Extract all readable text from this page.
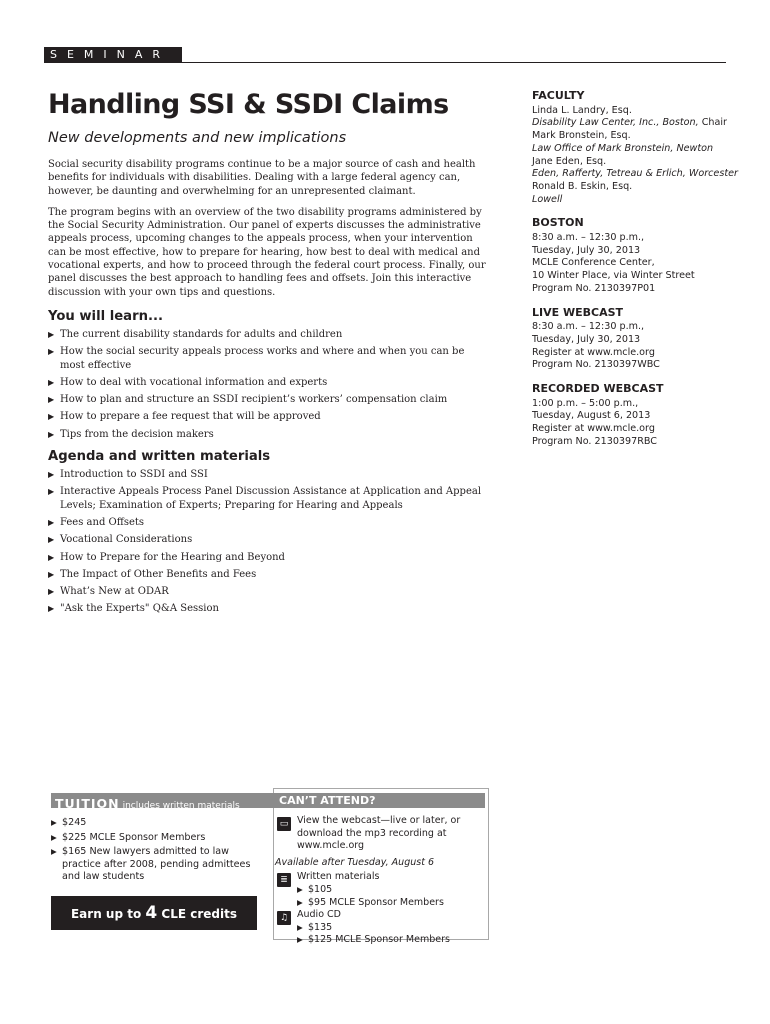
SEMINAR
Handling SSI & SSDI Claims

New developments and new implications

Social security disability programs continue to be a major source of cash and health benefits for individuals with disabilities. Dealing with a large federal agency can, however, be daunting and overwhelming for an unrepresented claimant.

The program begins with an overview of the two disability programs administered by the Social Security Administration. Our panel of experts discusses the administrative appeals process, upcoming changes to the appeals process, when your intervention can be most effective, how to prepare for hearing, how best to deal with medical and vocational experts, and how to proceed through the federal court process. Finally, our panel discusses the best approach to handling fees and offsets. Join this interactive discussion with your own tips and questions.

You will learn...
▶ The current disability standards for adults and children
▶ How the social security appeals process works and where and when you can be most effective
▶ How to deal with vocational information and experts
▶ How to plan and structure an SSDI recipient’s workers’ compensation claim
▶ How to prepare a fee request that will be approved
▶ Tips from the decision makers
Agenda and written materials
▶ Introduction to SSDI and SSI
▶ Interactive Appeals Process Panel Discussion Assistance at Application and Appeal Levels; Examination of Experts; Preparing for Hearing and Appeals
▶ Fees and Offsets
▶ Vocational Considerations
▶ How to Prepare for the Hearing and Beyond
▶ The Impact of Other Benefits and Fees
▶ What’s New at ODAR
▶ "Ask the Experts" Q&A Session
FACULTY
Linda L. Landry, Esq.
Disability Law Center, Inc., Boston, Chair
Mark Bronstein, Esq.
Law Office of Mark Bronstein, Newton
Jane Eden, Esq.
Eden, Rafferty, Tetreau & Erlich, Worcester
Ronald B. Eskin, Esq.
Lowell
BOSTON
8:30 a.m. – 12:30 p.m.,
Tuesday, July 30, 2013
MCLE Conference Center,
10 Winter Place, via Winter Street
Program No. 2130397P01
LIVE WEBCAST
8:30 a.m. – 12:30 p.m.,
Tuesday, July 30, 2013
Register at www.mcle.org
Program No. 2130397WBC
RECORDED WEBCAST
1:00 p.m. – 5:00 p.m.,
Tuesday, August 6, 2013
Register at www.mcle.org
Program No. 2130397RBC
TUITION includes written materials
▶ $245
▶ $225 MCLE Sponsor Members
▶ $165 New lawyers admitted to law practice after 2008, pending admittees and law students
Earn up to 4 CLE credits
CAN’T ATTEND?
▭ View the webcast—live or later, or download the mp3 recording at www.mcle.org
Available after Tuesday, August 6
≣ Written materials
▶ $105
▶ $95 MCLE Sponsor Members
♫ Audio CD
▶ $135
▶ $125 MCLE Sponsor Members
